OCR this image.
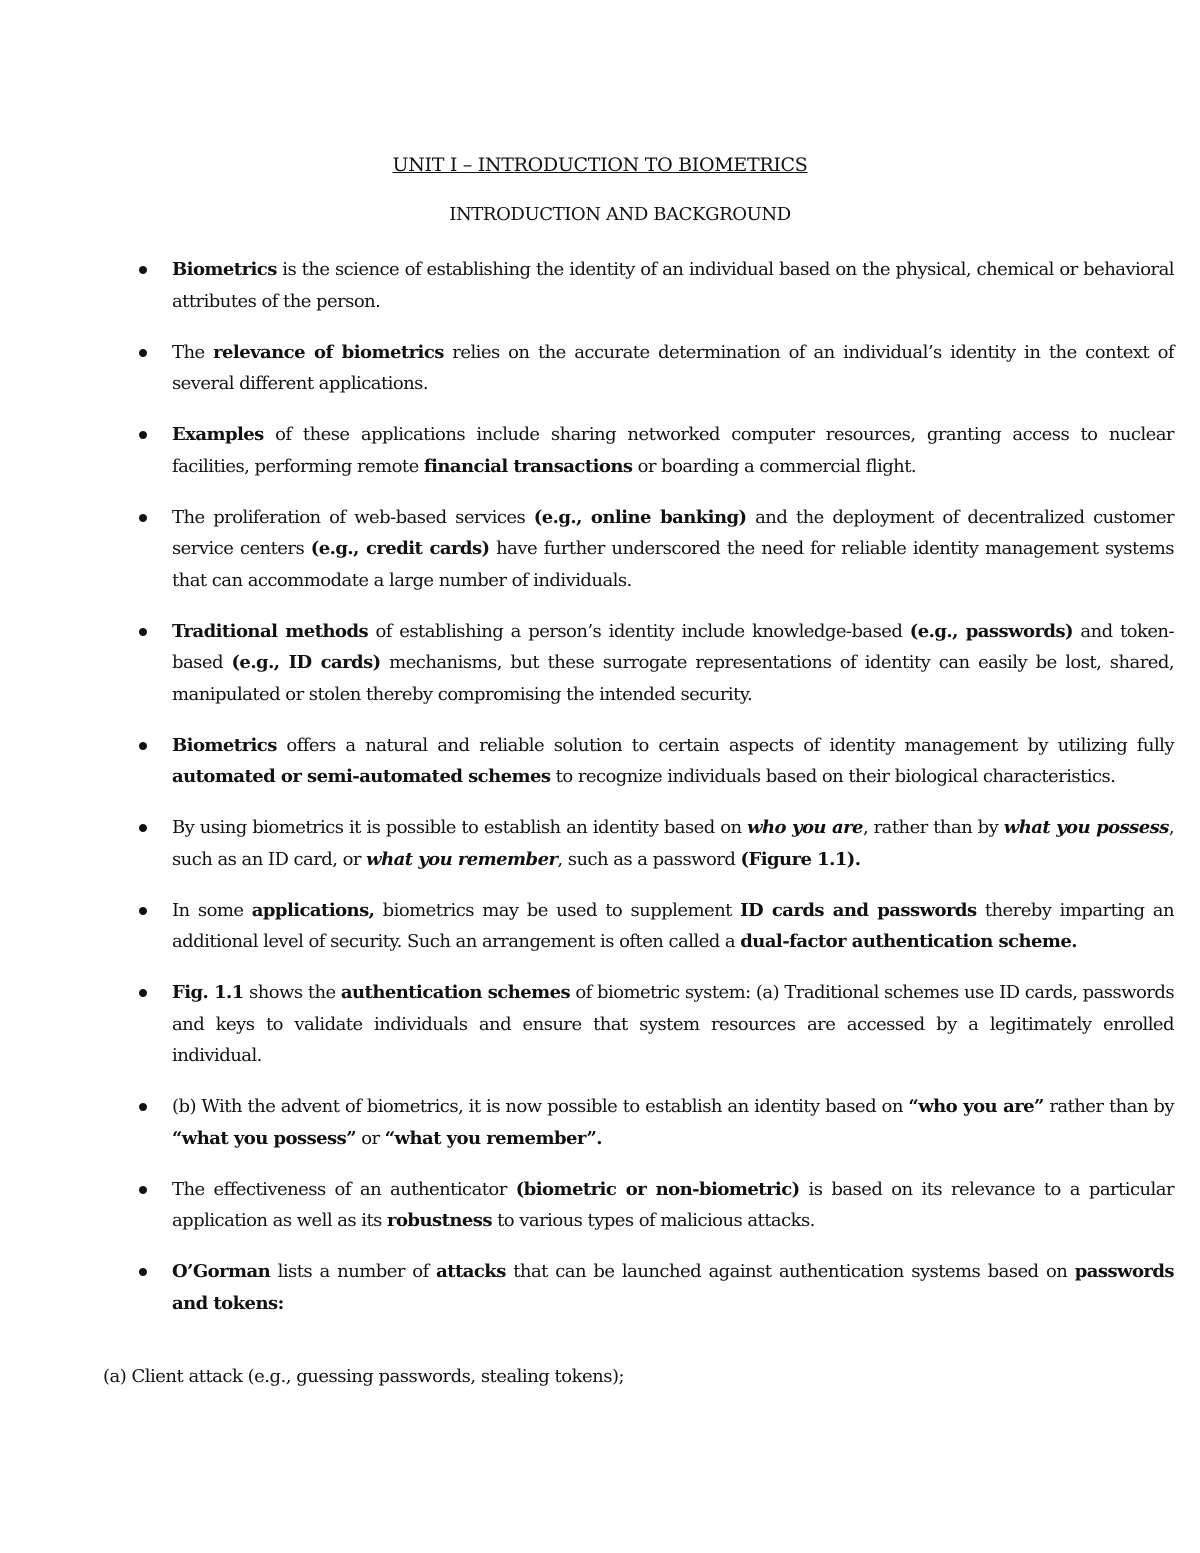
UNIT I – INTRODUCTION TO BIOMETRICS
INTRODUCTION AND BACKGROUND
Biometrics is the science of establishing the identity of an individual based on the physical, chemical or behavioral attributes of the person.
The relevance of biometrics relies on the accurate determination of an individual’s identity in the context of several different applications.
Examples of these applications include sharing networked computer resources, granting access to nuclear facilities, performing remote financial transactions or boarding a commercial flight.
The proliferation of web-based services (e.g., online banking) and the deployment of decentralized customer service centers (e.g., credit cards) have further underscored the need for reliable identity management systems that can accommodate a large number of individuals.
Traditional methods of establishing a person’s identity include knowledge-based (e.g., passwords) and token-based (e.g., ID cards) mechanisms, but these surrogate representations of identity can easily be lost, shared, manipulated or stolen thereby compromising the intended security.
Biometrics offers a natural and reliable solution to certain aspects of identity management by utilizing fully automated or semi-automated schemes to recognize individuals based on their biological characteristics.
By using biometrics it is possible to establish an identity based on who you are, rather than by what you possess, such as an ID card, or what you remember, such as a password (Figure 1.1).
In some applications, biometrics may be used to supplement ID cards and passwords thereby imparting an additional level of security. Such an arrangement is often called a dual-factor authentication scheme.
Fig. 1.1 shows the authentication schemes of biometric system: (a) Traditional schemes use ID cards, passwords and keys to validate individuals and ensure that system resources are accessed by a legitimately enrolled individual.
(b) With the advent of biometrics, it is now possible to establish an identity based on “who you are” rather than by “what you possess” or “what you remember”.
The effectiveness of an authenticator (biometric or non-biometric) is based on its relevance to a particular application as well as its robustness to various types of malicious attacks.
O’Gorman lists a number of attacks that can be launched against authentication systems based on passwords and tokens:
(a) Client attack (e.g., guessing passwords, stealing tokens);
